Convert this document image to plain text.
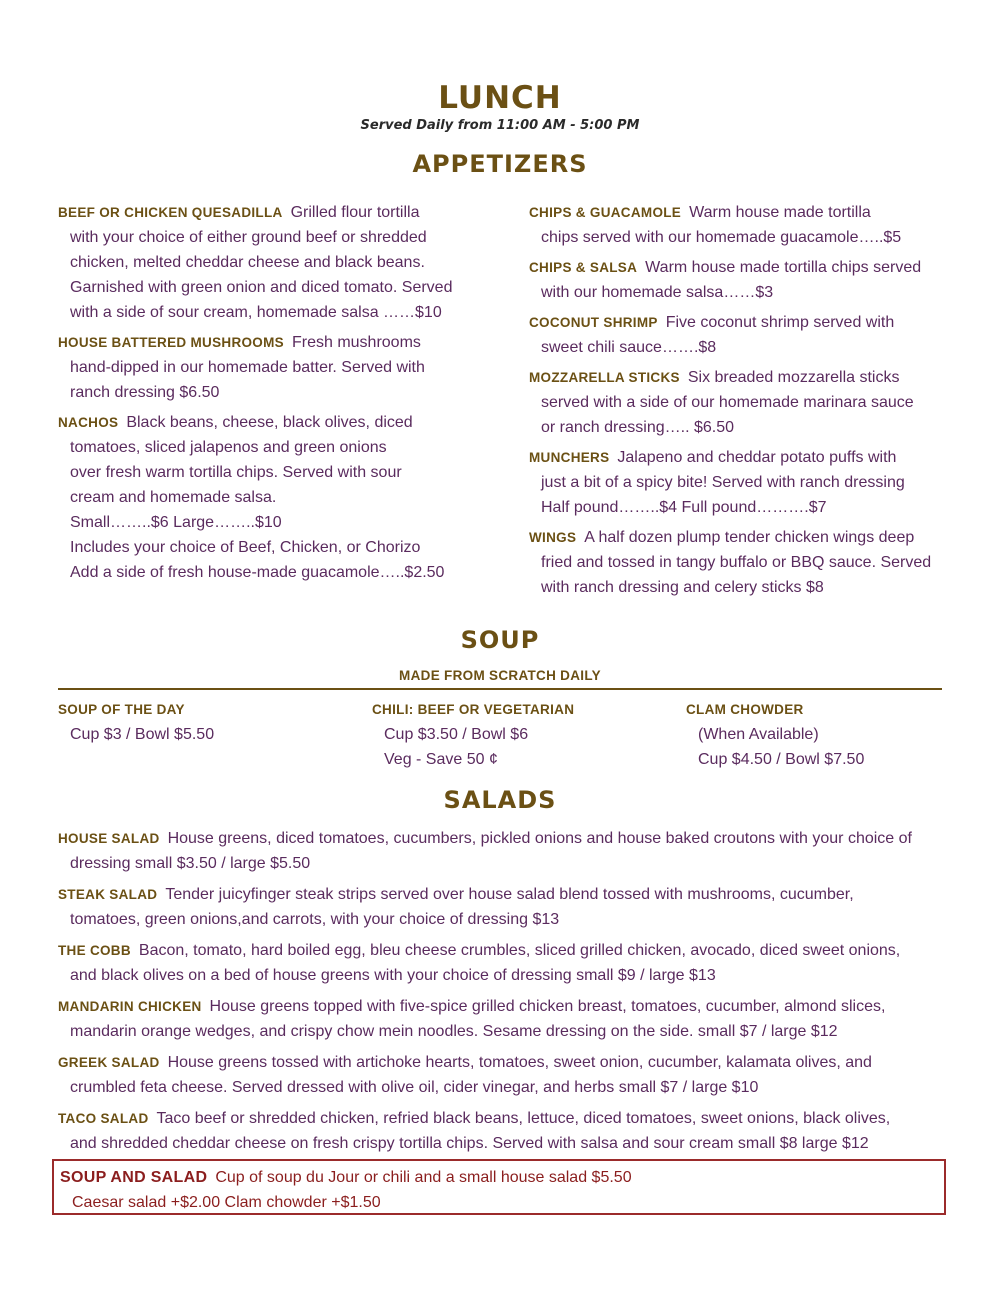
LUNCH
Served Daily from 11:00 AM - 5:00 PM
APPETIZERS
BEEF OR CHICKEN QUESADILLA Grilled flour tortilla
with your choice of either ground beef or shredded
chicken, melted cheddar cheese and black beans.
Garnished with green onion and diced tomato. Served
with a side of sour cream, homemade salsa ……$10
HOUSE BATTERED MUSHROOMS Fresh mushrooms
hand-dipped in our homemade batter. Served with
ranch dressing $6.50
NACHOS Black beans, cheese, black olives, diced
tomatoes, sliced jalapenos and green onions
over fresh warm tortilla chips. Served with sour
cream and homemade salsa.
Small……..$6 Large……..$10
Includes your choice of Beef, Chicken, or Chorizo
Add a side of fresh house-made guacamole…..$2.50
CHIPS & GUACAMOLE Warm house made tortilla
chips served with our homemade guacamole…..$5
CHIPS & SALSA Warm house made tortilla chips served
with our homemade salsa……$3
COCONUT SHRIMP Five coconut shrimp served with
sweet chili sauce…….$8
MOZZARELLA STICKS Six breaded mozzarella sticks
served with a side of our homemade marinara sauce
or ranch dressing….. $6.50
MUNCHERS Jalapeno and cheddar potato puffs with
just a bit of a spicy bite! Served with ranch dressing
Half pound……..$4 Full pound……….$7
WINGS A half dozen plump tender chicken wings deep
fried and tossed in tangy buffalo or BBQ sauce. Served
with ranch dressing and celery sticks $8
SOUP
MADE FROM SCRATCH DAILY
SOUP OF THE DAY
Cup $3 / Bowl $5.50
CHILI: BEEF OR VEGETARIAN
Cup $3.50 / Bowl $6
Veg - Save 50 ¢
CLAM CHOWDER
(When Available)
Cup $4.50 / Bowl $7.50
SALADS
HOUSE SALAD House greens, diced tomatoes, cucumbers, pickled onions and house baked croutons with your choice of
dressing small $3.50 / large $5.50
STEAK SALAD Tender juicyfinger steak strips served over house salad blend tossed with mushrooms, cucumber,
tomatoes, green onions,and carrots, with your choice of dressing $13
THE COBB Bacon, tomato, hard boiled egg, bleu cheese crumbles, sliced grilled chicken, avocado, diced sweet onions,
and black olives on a bed of house greens with your choice of dressing small $9 / large $13
MANDARIN CHICKEN House greens topped with five-spice grilled chicken breast, tomatoes, cucumber, almond slices,
mandarin orange wedges, and crispy chow mein noodles. Sesame dressing on the side. small $7 / large $12
GREEK SALAD House greens tossed with artichoke hearts, tomatoes, sweet onion, cucumber, kalamata olives, and
crumbled feta cheese. Served dressed with olive oil, cider vinegar, and herbs small $7 / large $10
TACO SALAD Taco beef or shredded chicken, refried black beans, lettuce, diced tomatoes, sweet onions, black olives,
and shredded cheddar cheese on fresh crispy tortilla chips. Served with salsa and sour cream small $8 large $12
SOUP AND SALAD Cup of soup du Jour or chili and a small house salad $5.50
Caesar salad +$2.00 Clam chowder +$1.50
